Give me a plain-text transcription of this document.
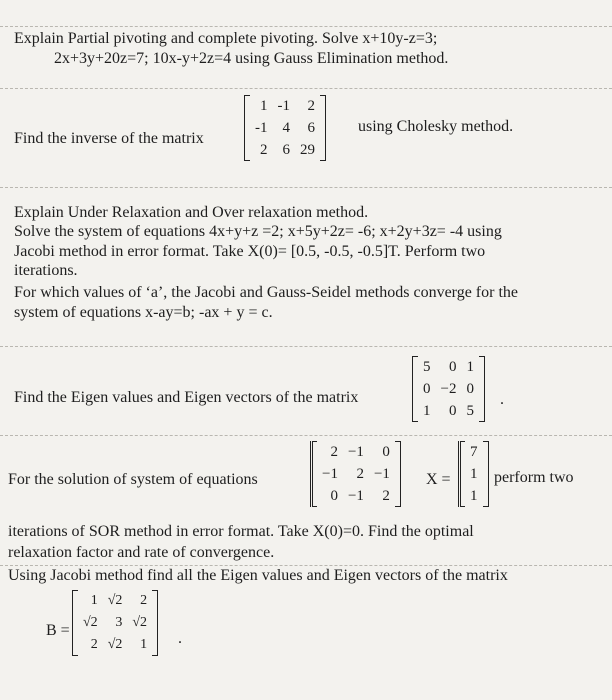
Explain Partial pivoting and complete pivoting. Solve x+10y-z=3;
2x+3y+20z=7; 10x-y+2z=4 using Gauss Elimination method.
Find the inverse of the matrix
1	-1	2
-1	4	6
2	6	29
using Cholesky method.
Explain Under Relaxation and Over relaxation method.
Solve the system of equations 4x+y+z =2; x+5y+2z= -6; x+2y+3z= -4 using
Jacobi method in error format. Take X(0)= [0.5, -0.5, -0.5]T. Perform two
iterations.
For which values of ‘a’, the Jacobi and Gauss-Seidel methods converge for the
system of equations x-ay=b; -ax + y = c.
Find the Eigen values and Eigen vectors of the matrix
5	0	1
0	−2	0
1	0	5
.
For the solution of system of equations
2	−1	0
−1	2	−1
0	−1	2
X =
7
1
1
perform two
iterations of SOR method in error format. Take X(0)=0. Find the optimal
relaxation factor and rate of convergence.
Using Jacobi method find all the Eigen values and Eigen vectors of the matrix
B =
1	√2	2
√2	3	√2
2	√2	1 .
